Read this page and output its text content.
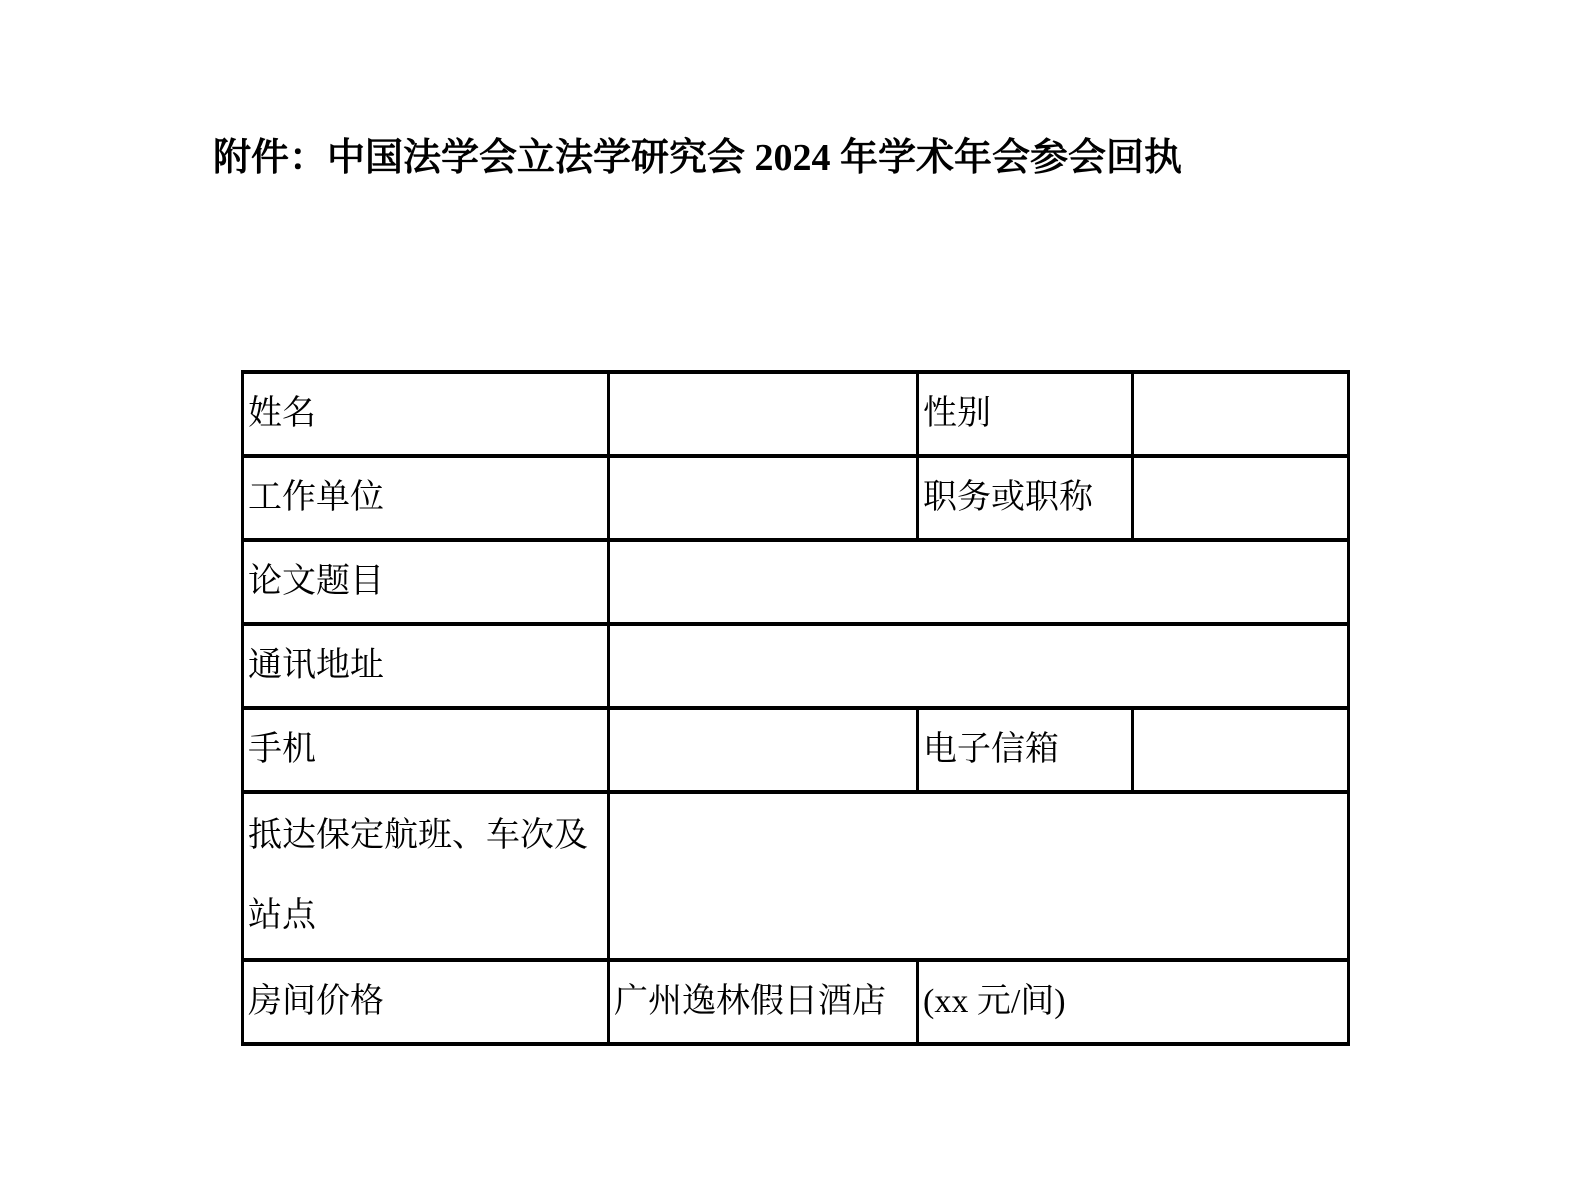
附件：中国法学会立法学研究会 2024 年学术年会参会回执
姓名		性别	
工作单位		职务或职称	
论文题目			
通讯地址			
手机		电子信箱	
抵达保定航班、车次及站点			
房间价格	广州逸林假日酒店	(xx 元/间)	
